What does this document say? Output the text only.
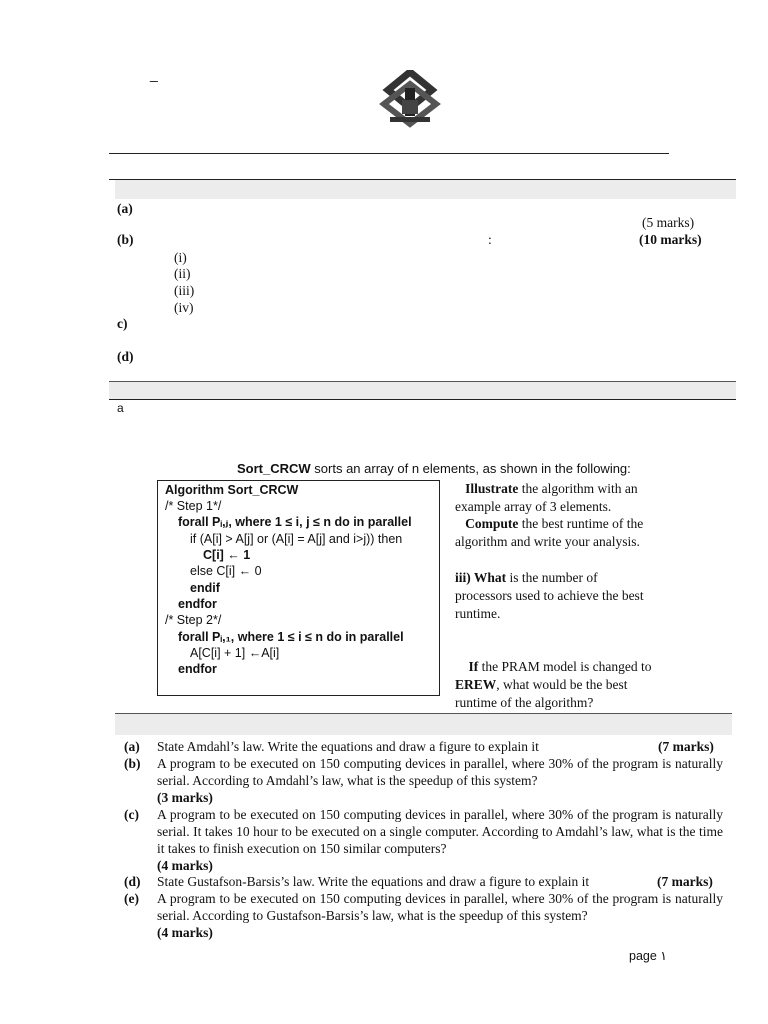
_
(a)
(5 marks)
(b)	:	(10 marks)
(i)
(ii)
(iii)
(iv)
c)
(d)
a
Sort_CRCW sorts an array of n elements, as shown in the following:
Algorithm Sort_CRCW
/* Step 1*/
forall Pᵢ,ⱼ, where 1 ≤ i, j ≤ n do in parallel
if (A[i] > A[j] or (A[i] = A[j] and i>j)) then
C[i] ← 1
else C[i] ← 0
endif
endfor
/* Step 2*/
forall Pᵢ,₁, where 1 ≤ i ≤ n do in parallel
A[C[i] + 1] ←A[i]
endfor
Illustrate the algorithm with an example array of 3 elements.
Compute the best runtime of the algorithm and write your analysis.
iii) What is the number of processors used to achieve the best runtime.
If the PRAM model is changed to EREW, what would be the best runtime of the algorithm?
(a) State Amdahl’s law. Write the equations and draw a figure to explain it	(7 marks)
(b) A program to be executed on 150 computing devices in parallel, where 30% of the program is naturally serial. According to Amdahl’s law, what is the speedup of this system?
(3 marks)
(c) A program to be executed on 150 computing devices in parallel, where 30% of the program is naturally serial. It takes 10 hour to be executed on a single computer. According to Amdahl’s law, what is the time it takes to finish execution on 150 similar computers?
(4 marks)
(d) State Gustafson-Barsis’s law. Write the equations and draw a figure to explain it	(7 marks)
(e) A program to be executed on 150 computing devices in parallel, where 30% of the program is naturally serial. According to Gustafson-Barsis’s law, what is the speedup of this system?
(4 marks)
page ١
